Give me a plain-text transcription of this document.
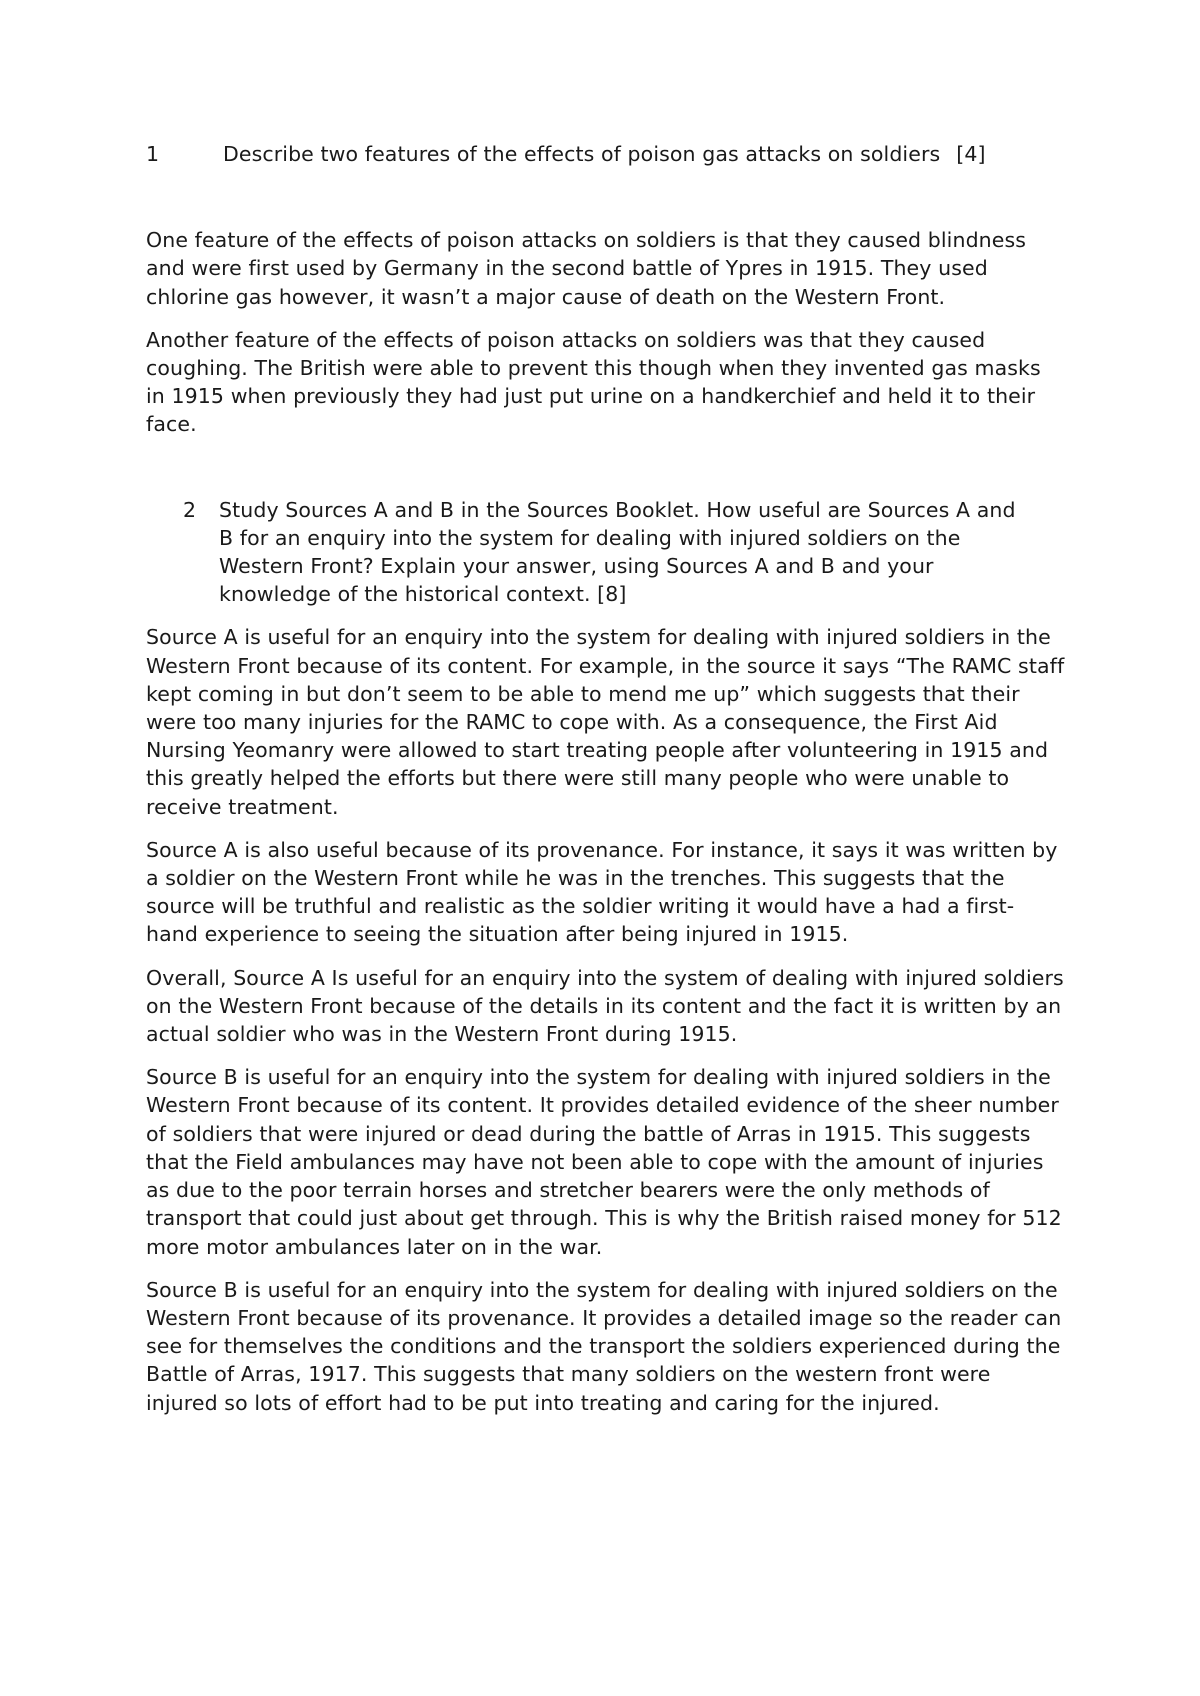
1	Describe two features of the effects of poison gas attacks on soldiers [4]

One feature of the effects of poison attacks on soldiers is that they caused blindness and were first used by Germany in the second battle of Ypres in 1915. They used chlorine gas however, it wasn’t a major cause of death on the Western Front.

Another feature of the effects of poison attacks on soldiers was that they caused coughing. The British were able to prevent this though when they invented gas masks in 1915 when previously they had just put urine on a handkerchief and held it to their face.

2	Study Sources A and B in the Sources Booklet. How useful are Sources A and B for an enquiry into the system for dealing with injured soldiers on the Western Front? Explain your answer, using Sources A and B and your knowledge of the historical context. [8]

Source A is useful for an enquiry into the system for dealing with injured soldiers in the Western Front because of its content. For example, in the source it says “The RAMC staff kept coming in but don’t seem to be able to mend me up” which suggests that their were too many injuries for the RAMC to cope with. As a consequence, the First Aid Nursing Yeomanry were allowed to start treating people after volunteering in 1915 and this greatly helped the efforts but there were still many people who were unable to receive treatment.

Source A is also useful because of its provenance. For instance, it says it was written by a soldier on the Western Front while he was in the trenches. This suggests that the source will be truthful and realistic as the soldier writing it would have a had a first-hand experience to seeing the situation after being injured in 1915.

Overall, Source A Is useful for an enquiry into the system of dealing with injured soldiers on the Western Front because of the details in its content and the fact it is written by an actual soldier who was in the Western Front during 1915.

Source B is useful for an enquiry into the system for dealing with injured soldiers in the Western Front because of its content. It provides detailed evidence of the sheer number of soldiers that were injured or dead during the battle of Arras in 1915. This suggests that the Field ambulances may have not been able to cope with the amount of injuries as due to the poor terrain horses and stretcher bearers were the only methods of transport that could just about get through. This is why the British raised money for 512 more motor ambulances later on in the war.

Source B is useful for an enquiry into the system for dealing with injured soldiers on the Western Front because of its provenance. It provides a detailed image so the reader can see for themselves the conditions and the transport the soldiers experienced during the Battle of Arras, 1917. This suggests that many soldiers on the western front were injured so lots of effort had to be put into treating and caring for the injured.
